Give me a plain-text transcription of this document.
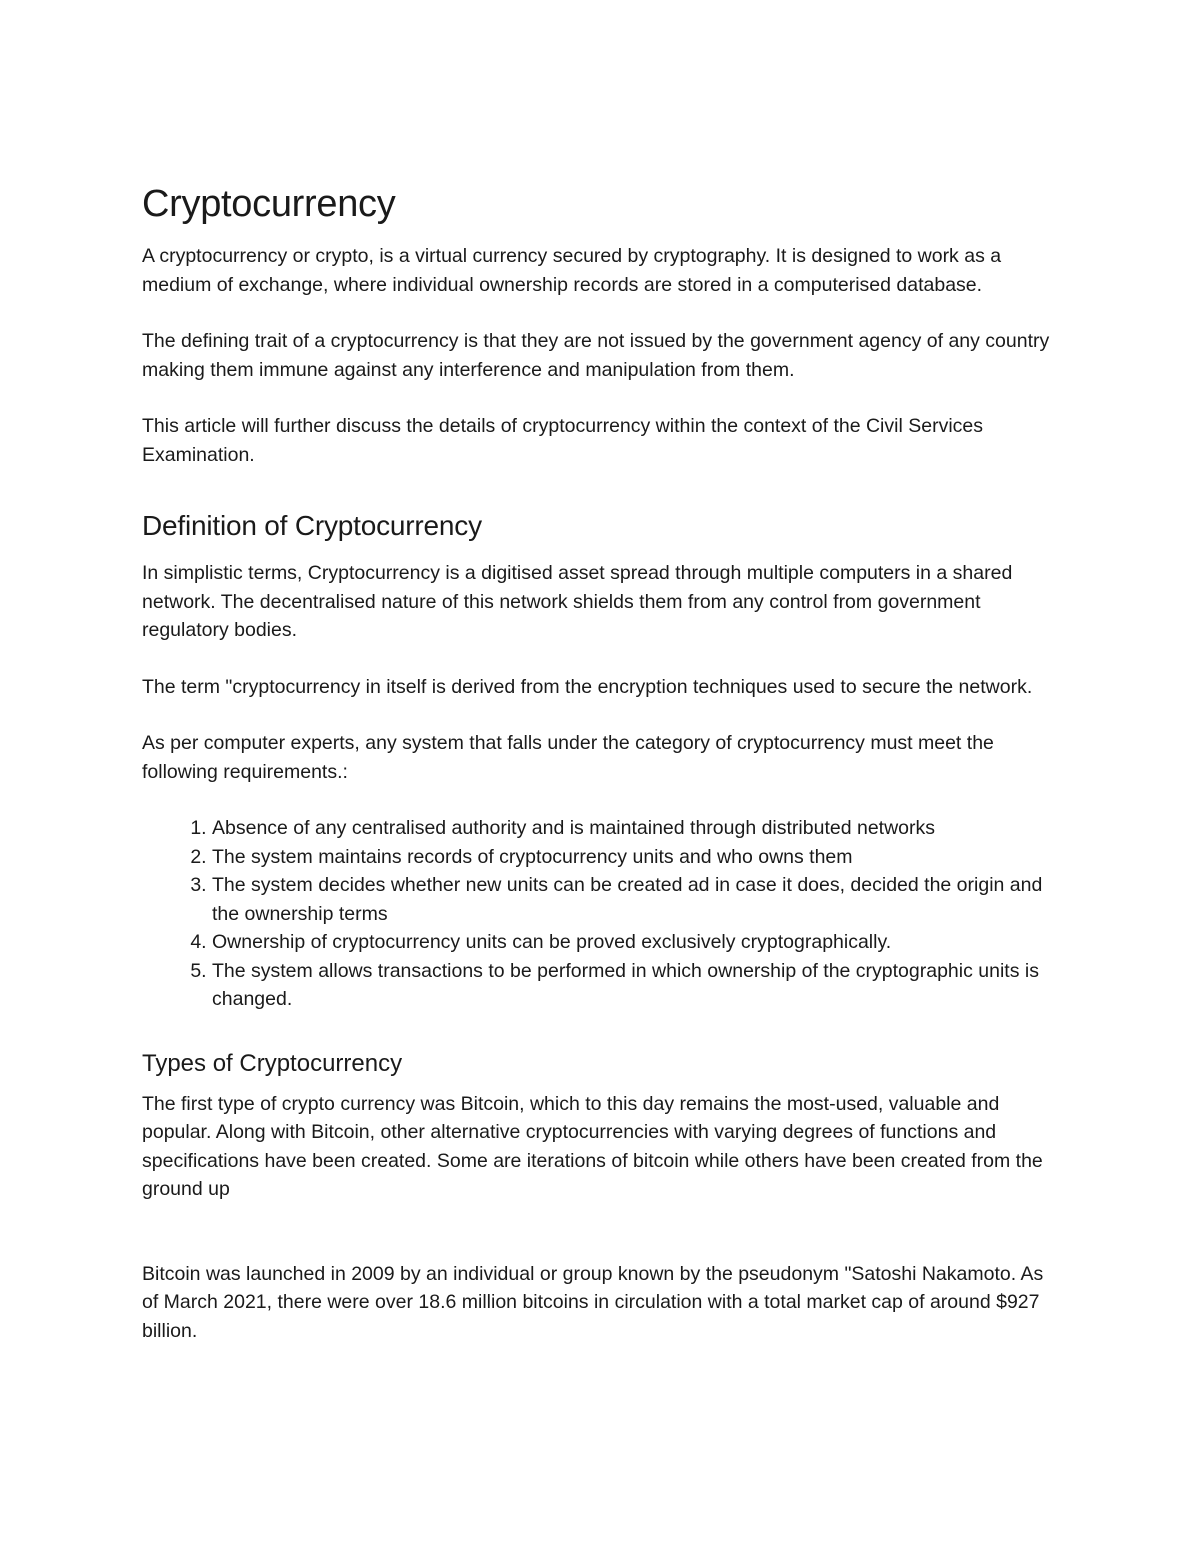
Cryptocurrency

A cryptocurrency or crypto, is a virtual currency secured by cryptography. It is designed to work as a medium of exchange, where individual ownership records are stored in a computerised database.

The defining trait of a cryptocurrency is that they are not issued by the government agency of any country making them immune against any interference and manipulation from them.

This article will further discuss the details of cryptocurrency within the context of the Civil Services Examination.

Definition of Cryptocurrency

In simplistic terms, Cryptocurrency is a digitised asset spread through multiple computers in a shared network. The decentralised nature of this network shields them from any control from government regulatory bodies.

The term "cryptocurrency in itself is derived from the encryption techniques used to secure the network.

As per computer experts, any system that falls under the category of cryptocurrency must meet the following requirements.:

1. Absence of any centralised authority and is maintained through distributed networks
2. The system maintains records of cryptocurrency units and who owns them
3. The system decides whether new units can be created ad in case it does, decided the origin and the ownership terms
4. Ownership of cryptocurrency units can be proved exclusively cryptographically.
5. The system allows transactions to be performed in which ownership of the cryptographic units is changed.
Types of Cryptocurrency

The first type of crypto currency was Bitcoin, which to this day remains the most-used, valuable and popular. Along with Bitcoin, other alternative cryptocurrencies with varying degrees of functions and specifications have been created. Some are iterations of bitcoin while others have been created from the ground up

Bitcoin was launched in 2009 by an individual or group known by the pseudonym "Satoshi Nakamoto. As of March 2021, there were over 18.6 million bitcoins in circulation with a total market cap of around $927 billion.
